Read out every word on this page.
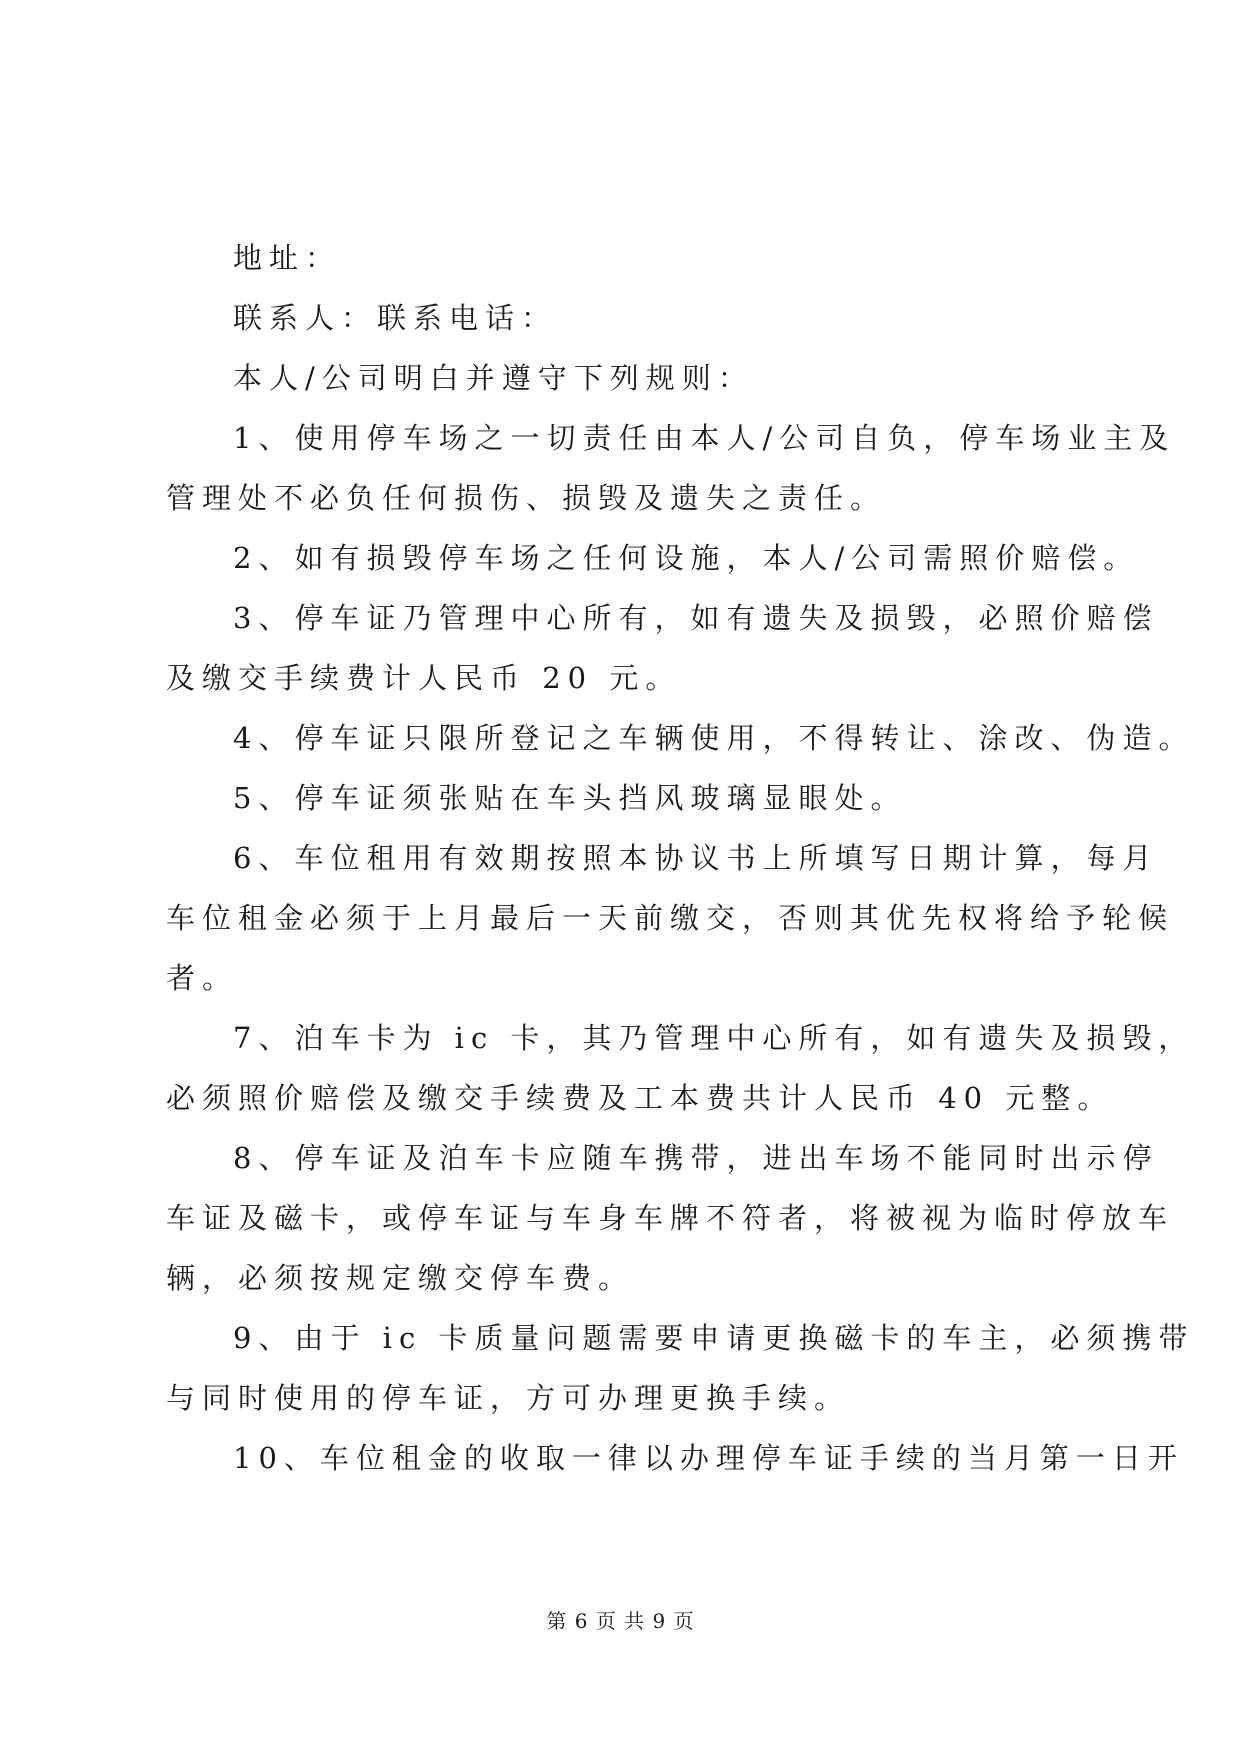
地址：
联系人：联系电话：
本人/公司明白并遵守下列规则：
1、使用停车场之一切责任由本人/公司自负，停车场业主及
管理处不必负任何损伤、损毁及遗失之责任。
2、如有损毁停车场之任何设施，本人/公司需照价赔偿。
3、停车证乃管理中心所有，如有遗失及损毁，必照价赔偿
及缴交手续费计人民币 20 元。
4、停车证只限所登记之车辆使用，不得转让、涂改、伪造。
5、停车证须张贴在车头挡风玻璃显眼处。
6、车位租用有效期按照本协议书上所填写日期计算，每月
车位租金必须于上月最后一天前缴交，否则其优先权将给予轮候
者。
7、泊车卡为 ic 卡，其乃管理中心所有，如有遗失及损毁，
必须照价赔偿及缴交手续费及工本费共计人民币 40 元整。
8、停车证及泊车卡应随车携带，进出车场不能同时出示停
车证及磁卡，或停车证与车身车牌不符者，将被视为临时停放车
辆，必须按规定缴交停车费。
9、由于 ic 卡质量问题需要申请更换磁卡的车主，必须携带
与同时使用的停车证，方可办理更换手续。
10、车位租金的收取一律以办理停车证手续的当月第一日开
第 6 页 共 9 页
